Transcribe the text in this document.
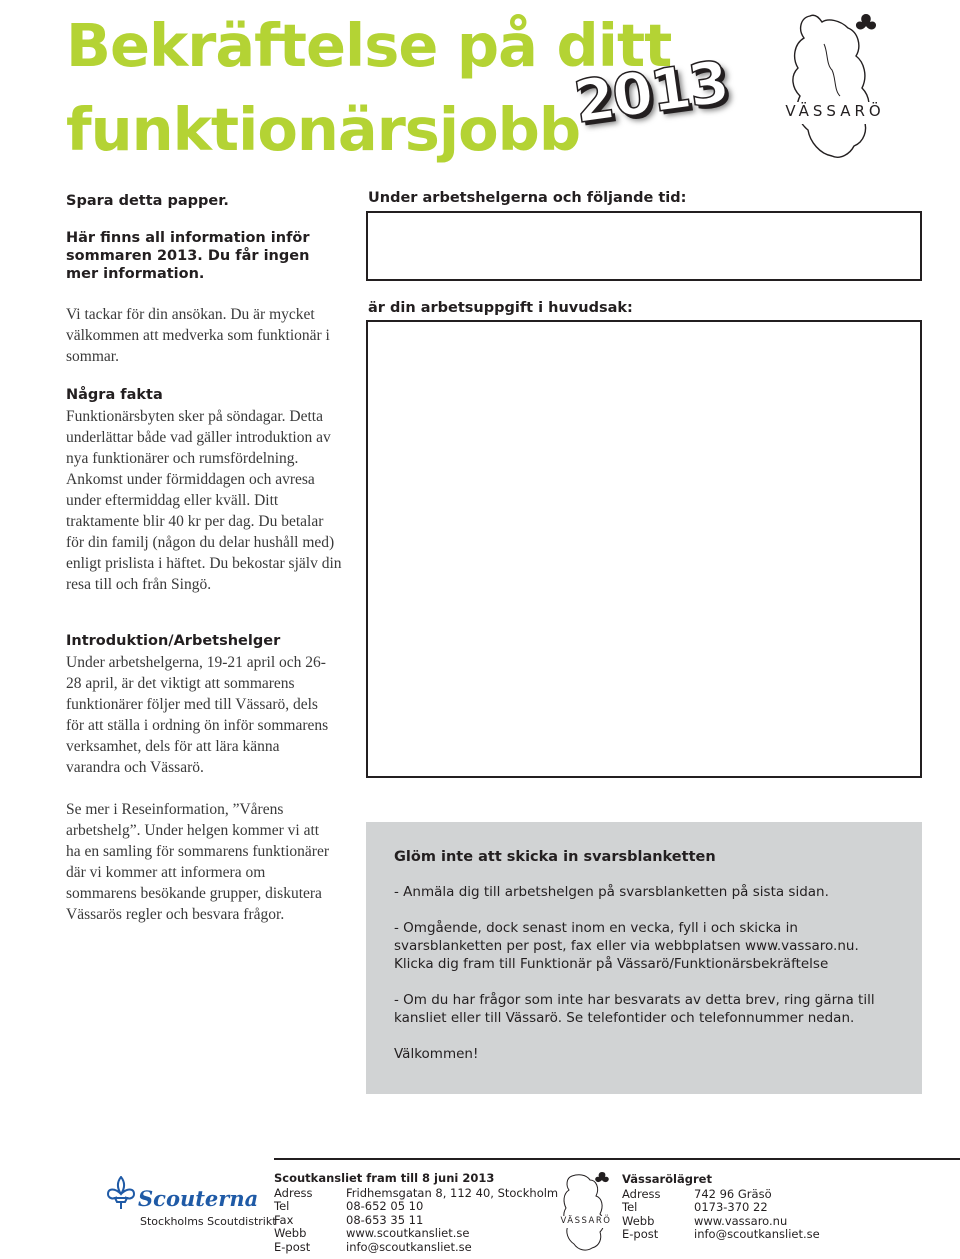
Bekräftelse på ditt
funktionärsjobb
2013	VÄSSARÖ
Spara detta papper.
Här finns all information inför sommaren 2013. Du får ingen mer information.
Vi tackar för din ansökan. Du är mycket välkommen att medverka som funktionär i sommar.
Några fakta
Funktionärsbyten sker på söndagar. Detta underlättar både vad gäller introduktion av nya funktionärer och rumsfördelning. Ankomst under förmiddagen och avresa under eftermiddag eller kväll. Ditt traktamente blir 40 kr per dag. Du betalar för din familj (någon du delar hushåll med) enligt prislista i häftet. Du bekostar själv din resa till och från Singö.
Introduktion/Arbetshelger
Under arbetshelgerna, 19-21 april och 26-28 april, är det viktigt att sommarens funktionärer följer med till Vässarö, dels för att ställa i ordning ön inför sommarens verksamhet, dels för att lära känna varandra och Vässarö.
Se mer i Reseinformation, ”Vårens arbetshelg”. Under helgen kommer vi att ha en samling för sommarens funktionärer där vi kommer att informera om sommarens besökande grupper, diskutera Vässarös regler och besvara frågor.
Under arbetshelgerna och följande tid:
är din arbetsuppgift i huvudsak:

Glöm inte att skicka in svarsblanketten

- Anmäla dig till arbetshelgen på svarsblanketten på sista sidan.

- Omgående, dock senast inom en vecka, fyll i och skicka in svarsblanketten per post, fax eller via webbplatsen www.vassaro.nu. Klicka dig fram till Funktionär på Vässarö/Funktionärsbekräftelse

- Om du har frågor som inte har besvarats av detta brev, ring gärna till kansliet eller till Vässarö. Se telefontider och telefonnummer nedan.

Välkommen!

Scouterna
Stockholms Scoutdistrikt
Scoutkansliet fram till 8 juni 2013
Adress	Fridhemsgatan 8, 112 40, Stockholm
Tel	08-652 05 10
Fax	08-653 35 11
Webb	www.scoutkansliet.se
E-post	info@scoutkansliet.se
VÄSSARÖ
Vässarölägret
Adress	742 96 Gräsö
Tel	0173-370 22
Webb	www.vassaro.nu
E-post	info@scoutkansliet.se
